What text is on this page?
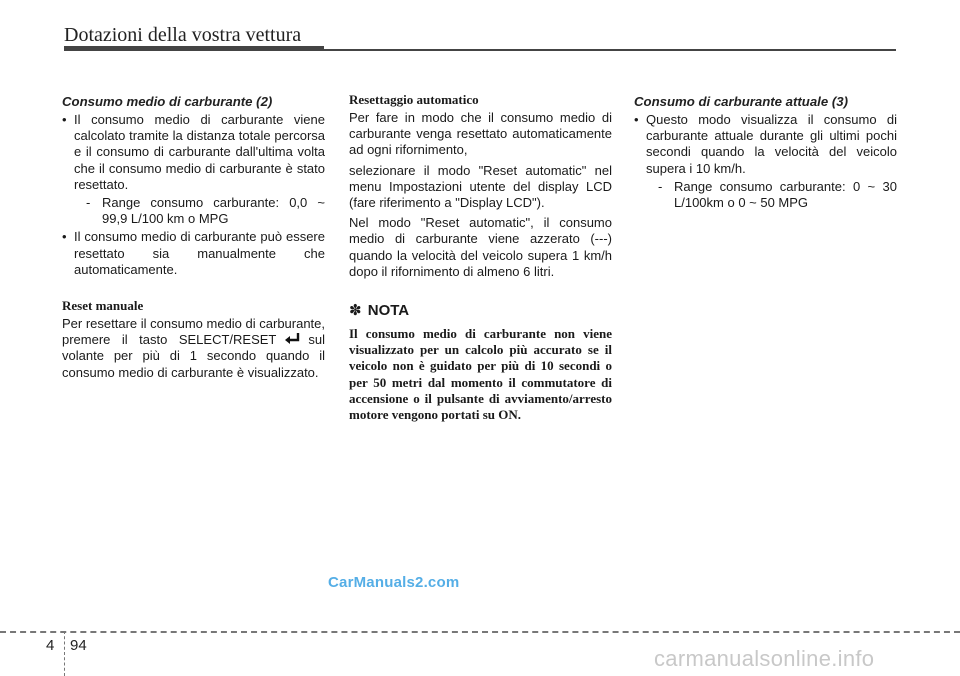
Dotazioni della vostra vettura
Consumo medio di carburante (2)
• Il consumo medio di carburante viene calcolato tramite la distanza totale percorsa e il consumo di carburante dall'ultima volta che il consumo medio di carburante è stato resettato.
- Range consumo carburante: 0,0 ~ 99,9 L/100 km o MPG
• Il consumo medio di carburante può essere resettato sia manualmente che automaticamente.
Reset manuale

Per resettare il consumo medio di carburante, premere il tasto SELECT/RESET sul volante per più di 1 secondo quando il consumo medio di carburante è visualizzato.

Resettaggio automatico

Per fare in modo che il consumo medio di carburante venga resettato automaticamente ad ogni rifornimento,

selezionare il modo "Reset automatic" nel menu Impostazioni utente del display LCD (fare riferimento a "Display LCD").

Nel modo "Reset automatic", il consumo medio di carburante viene azzerato (---) quando la velocità del veicolo supera 1 km/h dopo il rifornimento di almeno 6 litri.

✽ NOTA
Il consumo medio di carburante non viene visualizzato per un calcolo più accurato se il veicolo non è guidato per più di 10 secondi o per 50 metri dal momento il commutatore di accensione o il pulsante di avviamento/arresto motore vengono portati su ON.
Consumo di carburante attuale (3)
• Questo modo visualizza il consumo di carburante attuale durante gli ultimi pochi secondi quando la velocità del veicolo supera i 10 km/h.
- Range consumo carburante: 0 ~ 30 L/100km o 0 ~ 50 MPG
CarManuals2.com
4 94
carmanualsonline.info
